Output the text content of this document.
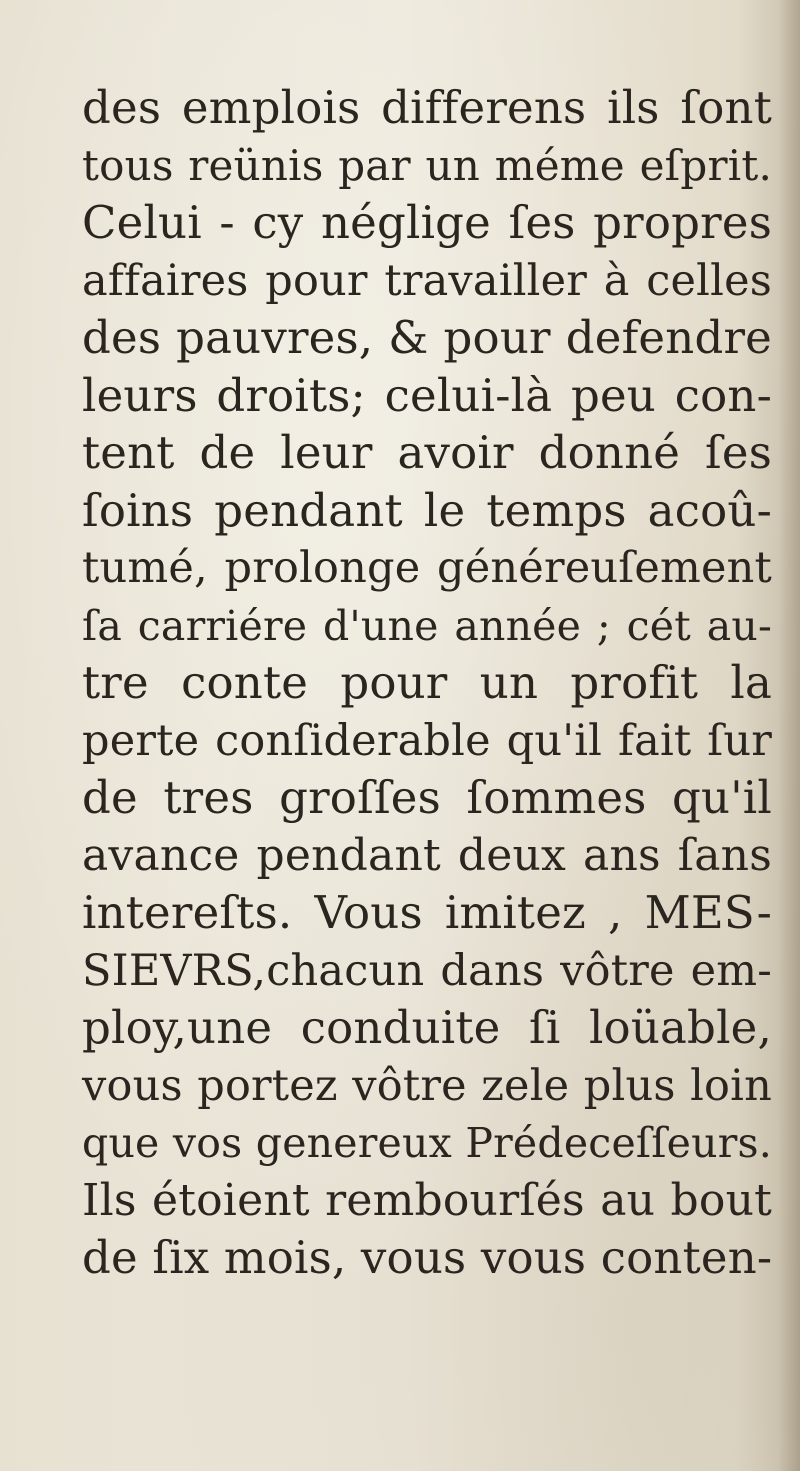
des emplois differens ils ſont
tous reünis par un méme eſprit.
Celui - cy néglige ſes propres
affaires pour travailler à celles
des pauvres, & pour defendre
leurs droits; celui-là peu con-
tent de leur avoir donné ſes
ſoins pendant le temps acoû-
tumé, prolonge généreuſement
ſa carriére d'une année ; cét au-
tre conte pour un profit la
perte conſiderable qu'il fait ſur
de tres groſſes ſommes qu'il
avance pendant deux ans ſans
intereſts. Vous imitez , MES-
SIEVRS,chacun dans vôtre em-
ploy,une conduite ſi loüable,
vous portez vôtre zele plus loin
que vos genereux Prédeceſſeurs.
Ils étoient rembourſés au bout
de ſix mois, vous vous conten-
